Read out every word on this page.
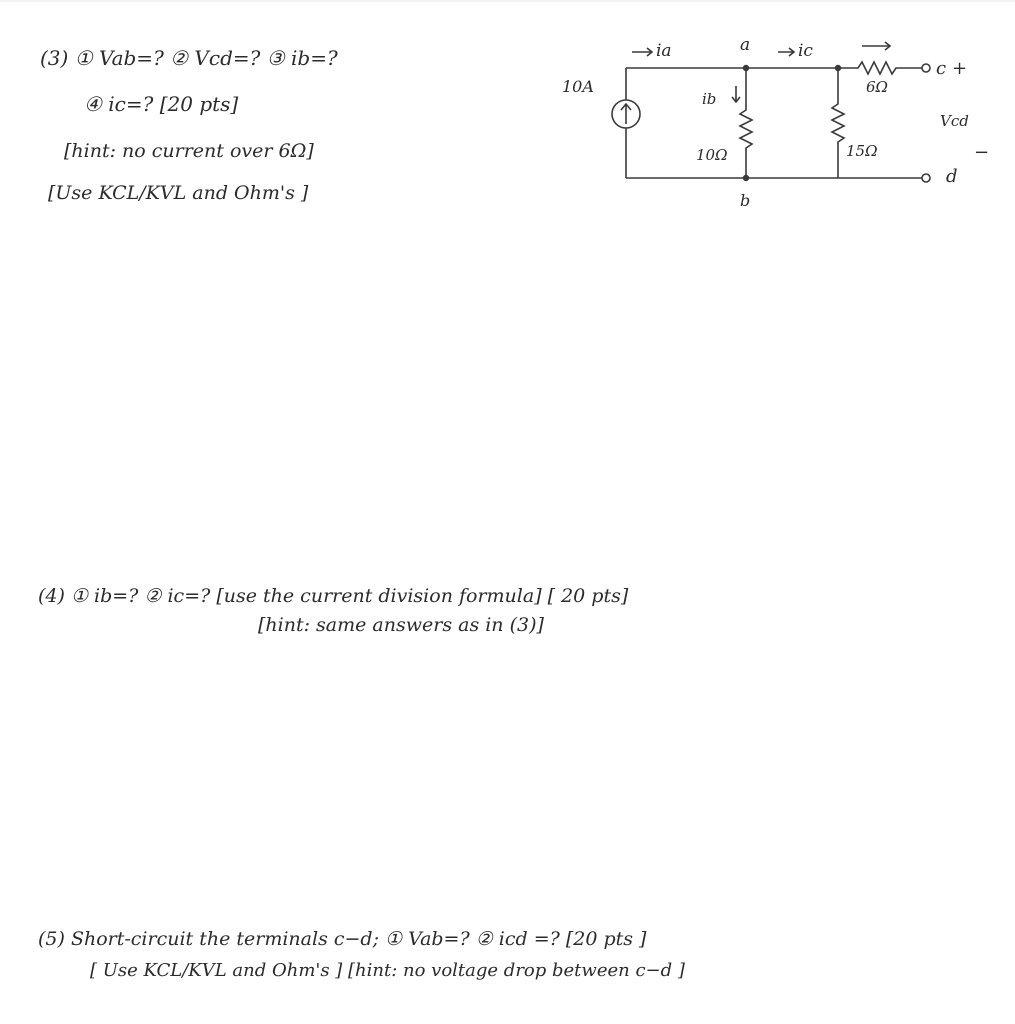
(3) ① Vab=? ② Vcd=? ③ ib=?
④ ic=? [20 pts]
[hint: no current over 6Ω]
[Use KCL/KVL and Ohm's ]
10A
ia	a	ic
ib
10Ω	15Ω
6Ω
b
c +
Vcd
−
d
(4) ① ib=? ② ic=? [use the current division formula] [ 20 pts]
[hint: same answers as in (3)]
(5) Short-circuit the terminals c−d; ① Vab=? ② icd =? [20 pts ]
[ Use KCL/KVL and Ohm's ] [hint: no voltage drop between c−d ]
